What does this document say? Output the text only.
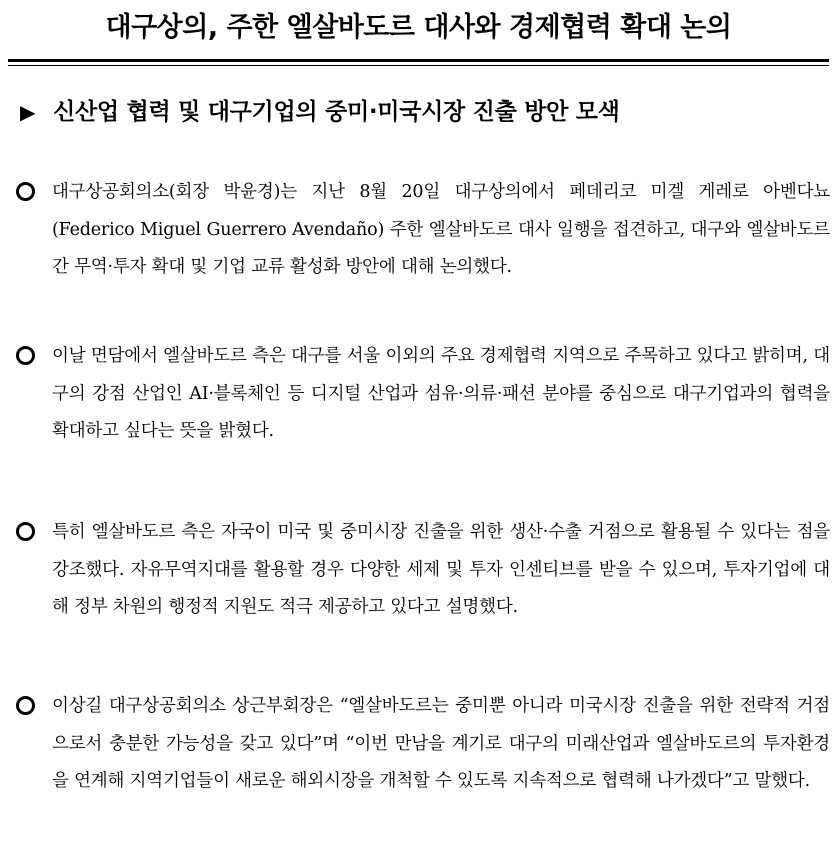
대구상의, 주한 엘살바도르 대사와 경제협력 확대 논의
▶ 신산업 협력 및 대구기업의 중미·미국시장 진출 방안 모색
대구상공회의소(회장 박윤경)는 지난 8월 20일 대구상의에서 페데리코 미겔 게레로 아벤다뇨(Federico Miguel Guerrero Avendaño) 주한 엘살바도르 대사 일행을 접견하고, 대구와 엘살바도르 간 무역·투자 확대 및 기업 교류 활성화 방안에 대해 논의했다.
이날 면담에서 엘살바도르 측은 대구를 서울 이외의 주요 경제협력 지역으로 주목하고 있다고 밝히며, 대구의 강점 산업인 AI·블록체인 등 디지털 산업과 섬유·의류·패션 분야를 중심으로 대구기업과의 협력을 확대하고 싶다는 뜻을 밝혔다.
특히 엘살바도르 측은 자국이 미국 및 중미시장 진출을 위한 생산·수출 거점으로 활용될 수 있다는 점을 강조했다. 자유무역지대를 활용할 경우 다양한 세제 및 투자 인센티브를 받을 수 있으며, 투자기업에 대해 정부 차원의 행정적 지원도 적극 제공하고 있다고 설명했다.
이상길 대구상공회의소 상근부회장은 “엘살바도르는 중미뿐 아니라 미국시장 진출을 위한 전략적 거점으로서 충분한 가능성을 갖고 있다”며 “이번 만남을 계기로 대구의 미래산업과 엘살바도르의 투자환경을 연계해 지역기업들이 새로운 해외시장을 개척할 수 있도록 지속적으로 협력해 나가겠다”고 말했다.
